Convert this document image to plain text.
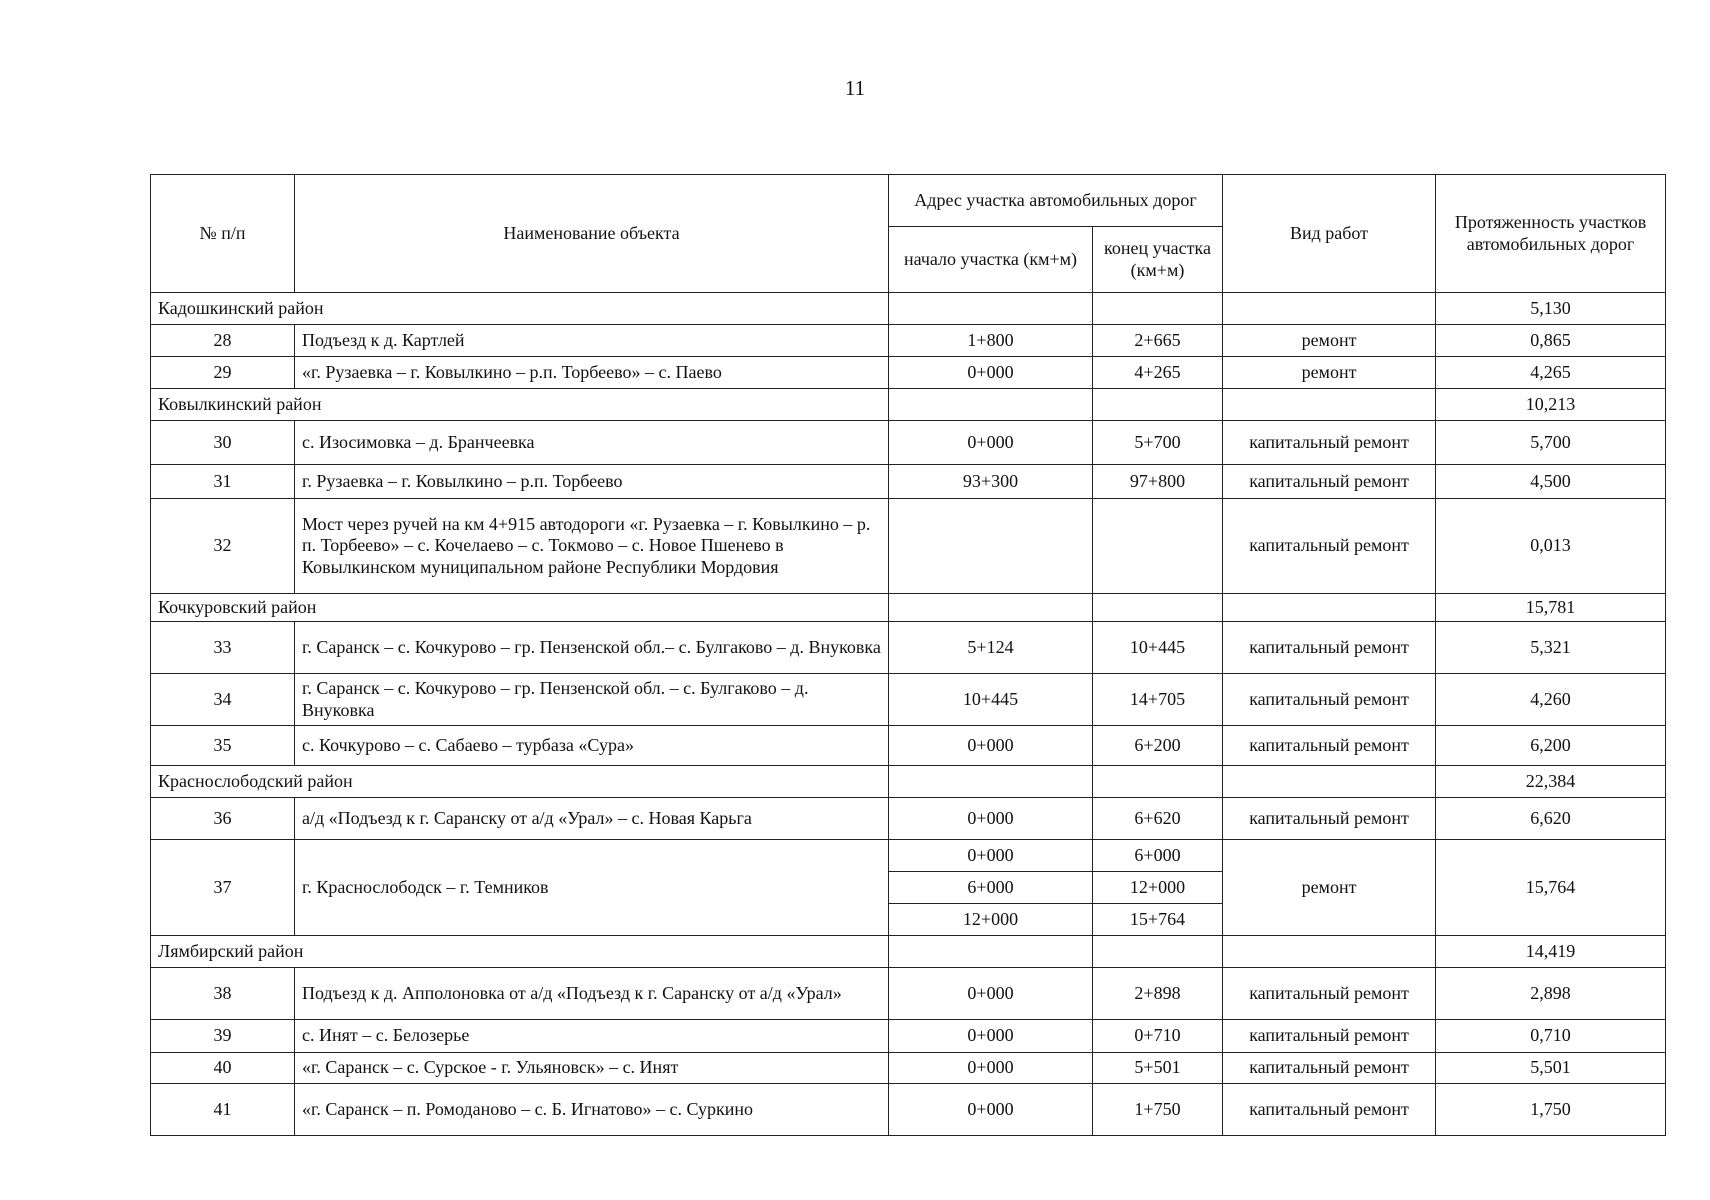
11
№ п/п	Наименование объекта	Адрес участка автомобильных дорог		Вид работ	Протяженность участков автомобильных дорог
		начало участка (км+м)	конец участка (км+м)		
Кадошкинский район					5,130
28	Подъезд к д. Картлей	1+800	2+665	ремонт	0,865
29	«г. Рузаевка – г. Ковылкино – р.п. Торбеево» – с. Паево	0+000	4+265	ремонт	4,265
Ковылкинский район					10,213
30	с. Изосимовка – д. Бранчеевка	0+000	5+700	капитальный ремонт	5,700
31	г. Рузаевка – г. Ковылкино – р.п. Торбеево	93+300	97+800	капитальный ремонт	4,500
32	Мост через ручей на км 4+915 автодороги «г. Рузаевка – г. Ковылкино – р. п. Торбеево» – с. Кочелаево – с. Токмово – с. Новое Пшенево в Ковылкинском муниципальном районе Республики Мордовия			капитальный ремонт	0,013
Кочкуровский район					15,781
33	г. Саранск – с. Кочкурово – гр. Пензенской обл.– с. Булгаково – д. Внуковка	5+124	10+445	капитальный ремонт	5,321
34	г. Саранск – с. Кочкурово – гр. Пензенской обл. – с. Булгаково – д. Внуковка	10+445	14+705	капитальный ремонт	4,260
35	с. Кочкурово – с. Сабаево – турбаза «Сура»	0+000	6+200	капитальный ремонт	6,200
Краснослободский район					22,384
36	а/д «Подъезд к г. Саранску от а/д «Урал» – с. Новая Карьга	0+000	6+620	капитальный ремонт	6,620
37	г. Краснослободск – г. Темников	0+000	6+000	ремонт	15,764
		6+000	12+000		
		12+000	15+764		
Лямбирский район					14,419
38	Подъезд к д. Апполоновка от а/д «Подъезд к г. Саранску от а/д «Урал»	0+000	2+898	капитальный ремонт	2,898
39	с. Инят – с. Белозерье	0+000	0+710	капитальный ремонт	0,710
40	«г. Саранск – с. Сурское - г. Ульяновск» – с. Инят	0+000	5+501	капитальный ремонт	5,501
41	«г. Саранск – п. Ромоданово – с. Б. Игнатово» – с. Суркино	0+000	1+750	капитальный ремонт	1,750
